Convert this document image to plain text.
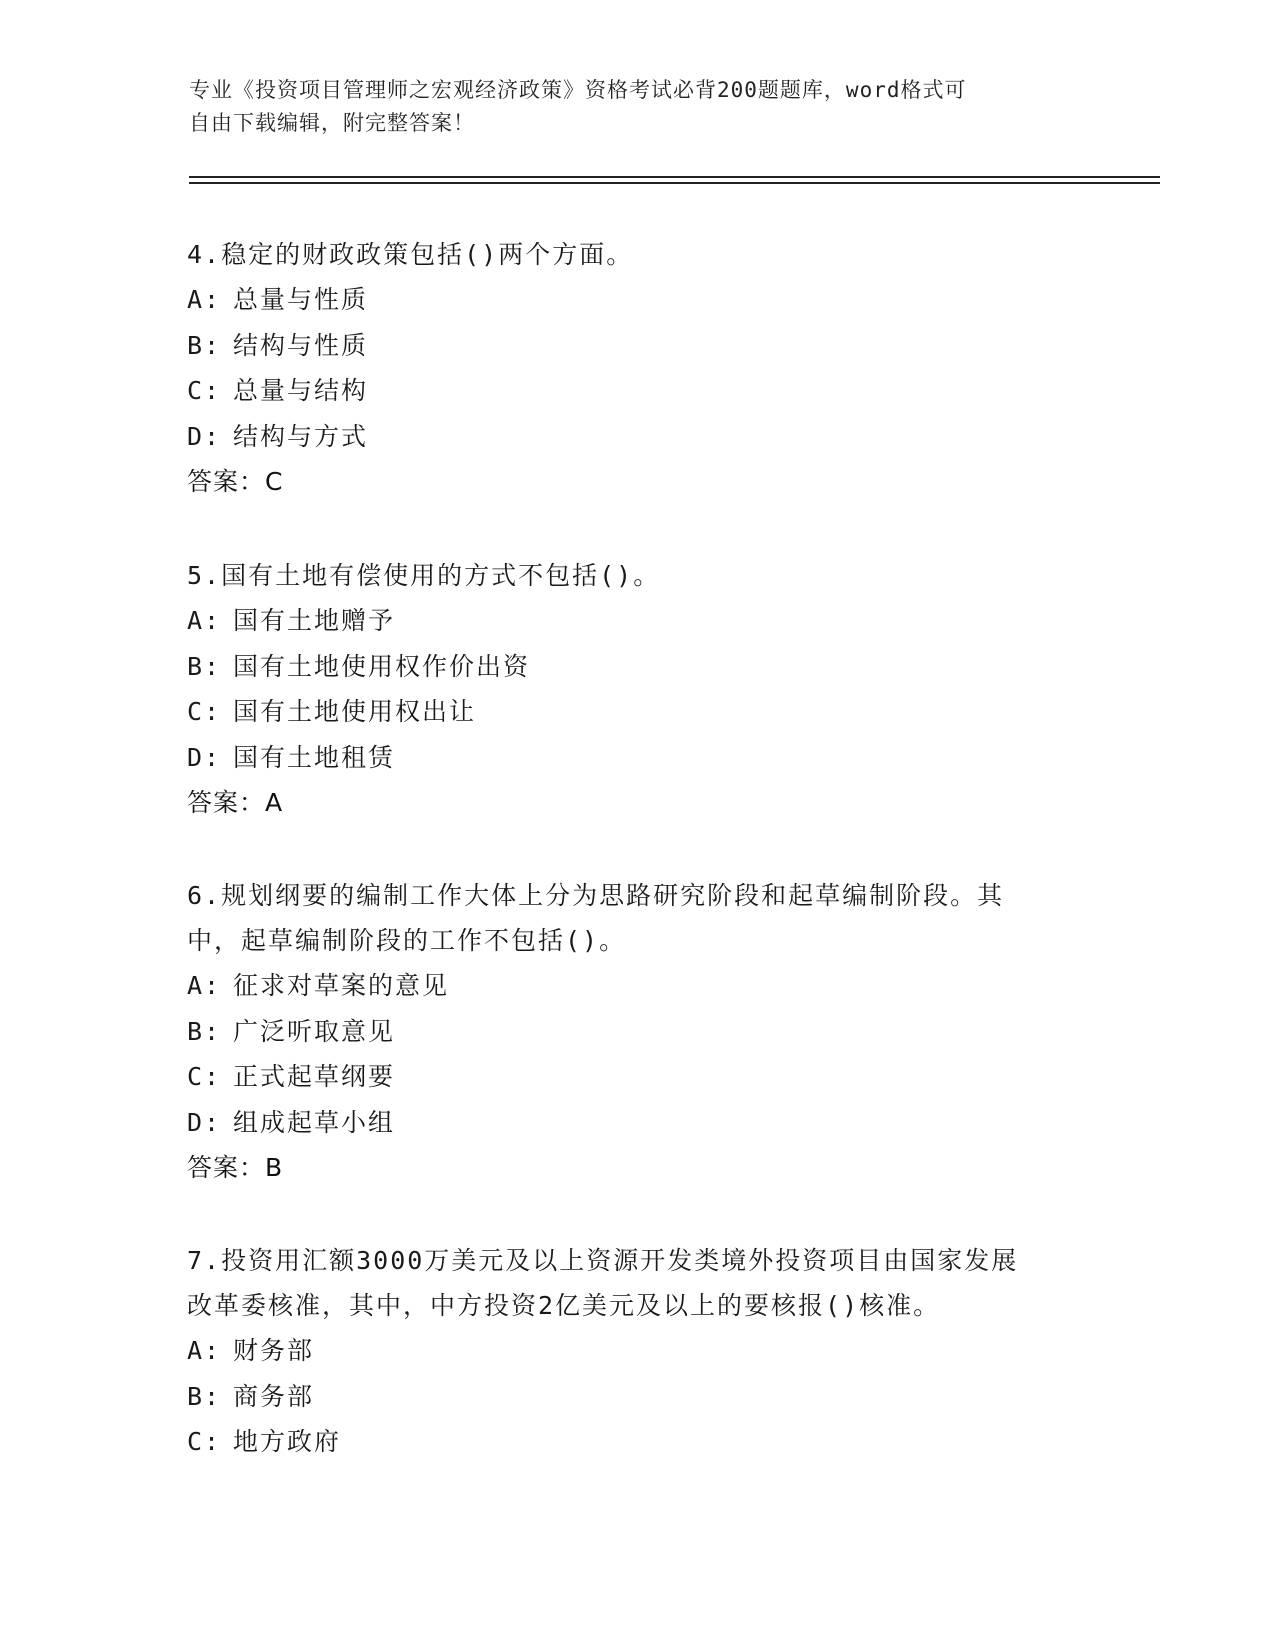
专业《投资项目管理师之宏观经济政策》资格考试必背200题题库，word格式可
自由下载编辑，附完整答案！

4.稳定的财政政策包括()两个方面。

A: 总量与性质

B: 结构与性质

C: 总量与结构

D: 结构与方式

答案：C

5.国有土地有偿使用的方式不包括()。

A: 国有土地赠予

B: 国有土地使用权作价出资

C: 国有土地使用权出让

D: 国有土地租赁

答案：A

6.规划纲要的编制工作大体上分为思路研究阶段和起草编制阶段。其

中，起草编制阶段的工作不包括()。

A: 征求对草案的意见

B: 广泛听取意见

C: 正式起草纲要

D: 组成起草小组

答案：B

7.投资用汇额3000万美元及以上资源开发类境外投资项目由国家发展

改革委核准，其中，中方投资2亿美元及以上的要核报()核准。

A: 财务部

B: 商务部

C: 地方政府
